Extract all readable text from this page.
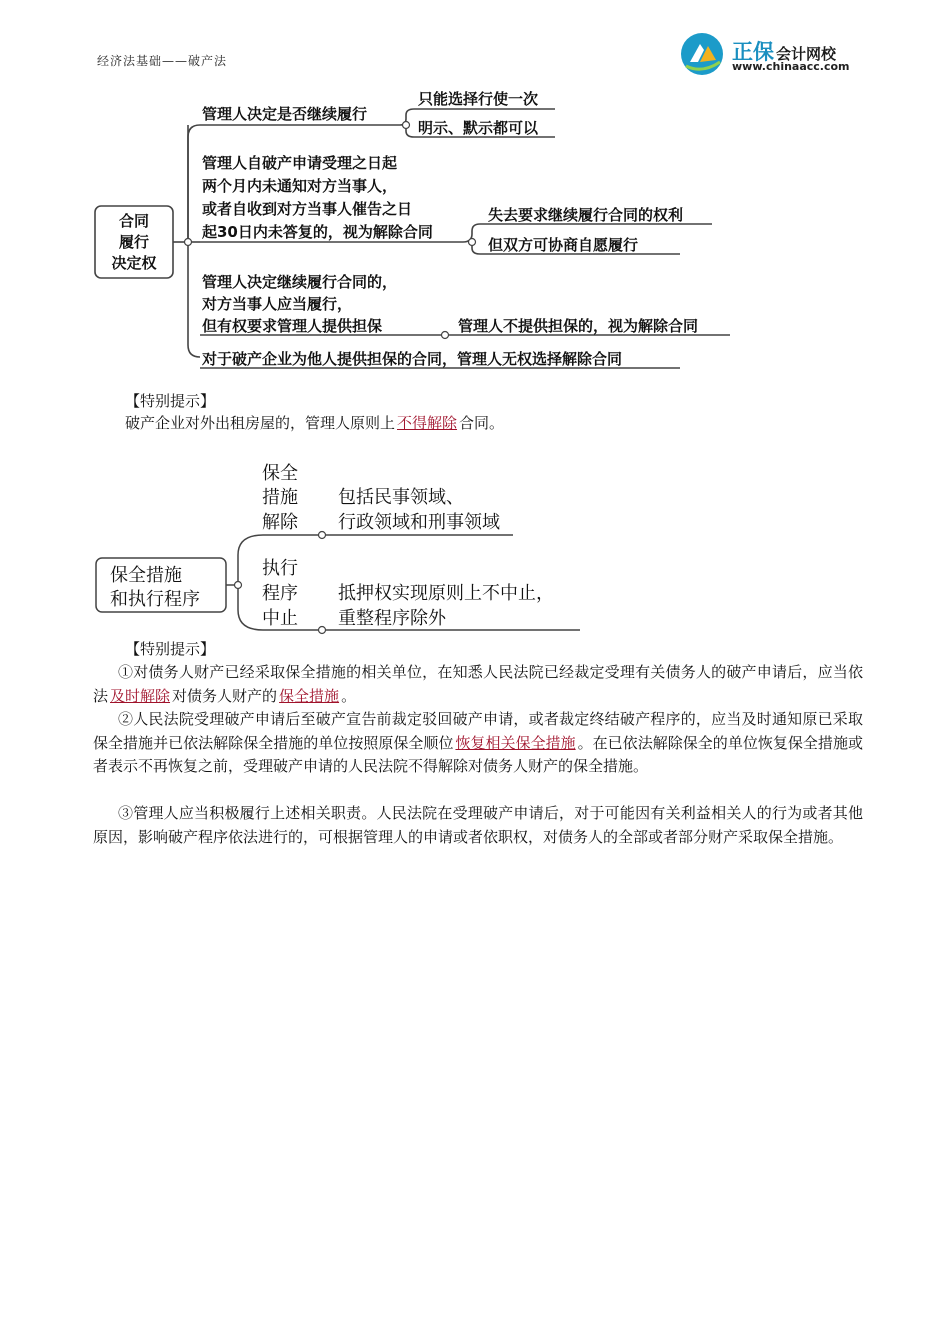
经济法基础——破产法	正保 会计网校
www.chinaacc.com
合同
履行
决定权
管理人决定是否继续履行
只能选择行使一次
明示、默示都可以
管理人自破产申请受理之日起
两个月内未通知对方当事人，
或者自收到对方当事人催告之日
起30日内未答复的，视为解除合同
失去要求继续履行合同的权利
但双方可协商自愿履行
管理人决定继续履行合同的，
对方当事人应当履行，
但有权要求管理人提供担保	管理人不提供担保的，视为解除合同
对于破产企业为他人提供担保的合同，管理人无权选择解除合同
【特别提示】
破产企业对外出租房屋的，管理人原则上 不得解除 合同。
保全措施
和执行程序
保全
措施
解除
包括民事领域、
行政领域和刑事领域
执行
程序
中止
抵押权实现原则上不中止，
重整程序除外
【特别提示】
①对债务人财产已经采取保全措施的相关单位，在知悉人民法院已经裁定受理有关债务人的破产申请后，应当依法 及时解除 对债务人财产的 保全措施 。
②人民法院受理破产申请后至破产宣告前裁定驳回破产申请，或者裁定终结破产程序的，应当及时通知原已采取保全措施并已依法解除保全措施的单位按照原保全顺位 恢复相关保全措施 。在已依法解除保全的单位恢复保全措施或者表示不再恢复之前，受理破产申请的人民法院不得解除对债务人财产的保全措施。
③管理人应当积极履行上述相关职责。人民法院在受理破产申请后，对于可能因有关利益相关人的行为或者其他原因，影响破产程序依法进行的，可根据管理人的申请或者依职权，对债务人的全部或者部分财产采取保全措施。
